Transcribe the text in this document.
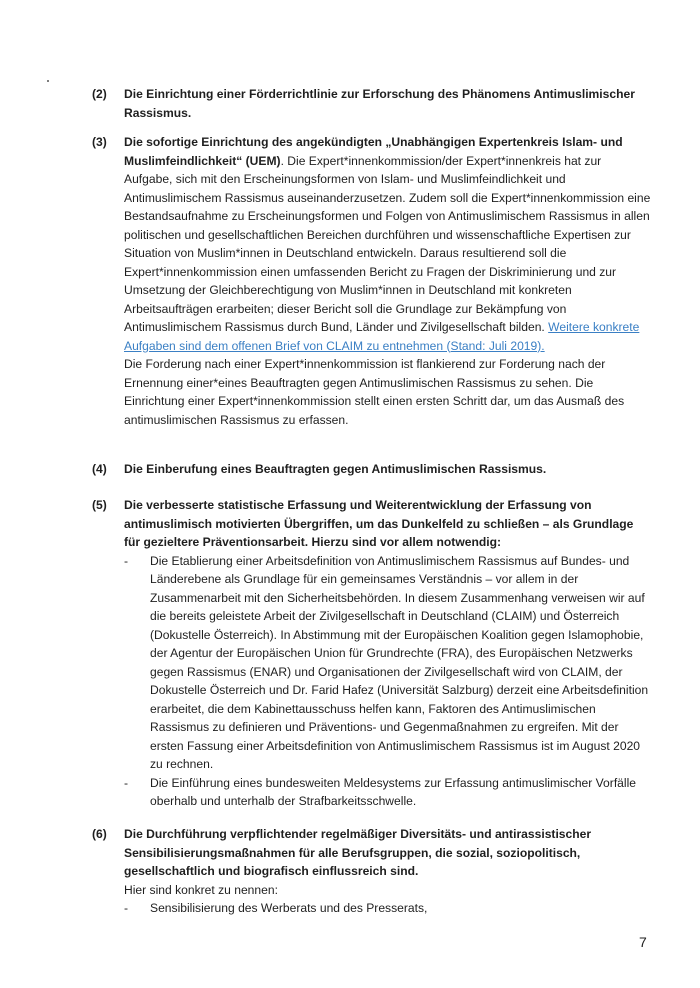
(2) Die Einrichtung einer Förderrichtlinie zur Erforschung des Phänomens Antimuslimischer Rassismus.
(3) Die sofortige Einrichtung des angekündigten „Unabhängigen Expertenkreis Islam- und Muslimfeindlichkeit“ (UEM). Die Expert*innenkommission/der Expert*innenkreis hat zur Aufgabe, sich mit den Erscheinungsformen von Islam- und Muslimfeindlichkeit und Antimuslimischem Rassismus auseinanderzusetzen. Zudem soll die Expert*innenkommission eine Bestandsaufnahme zu Erscheinungsformen und Folgen von Antimuslimischem Rassismus in allen politischen und gesellschaftlichen Bereichen durchführen und wissenschaftliche Expertisen zur Situation von Muslim*innen in Deutschland entwickeln. Daraus resultierend soll die Expert*innenkommission einen umfassenden Bericht zu Fragen der Diskriminierung und zur Umsetzung der Gleichberechtigung von Muslim*innen in Deutschland mit konkreten Arbeitsaufträgen erarbeiten; dieser Bericht soll die Grundlage zur Bekämpfung von Antimuslimischem Rassismus durch Bund, Länder und Zivilgesellschaft bilden. Weitere konkrete Aufgaben sind dem offenen Brief von CLAIM zu entnehmen (Stand: Juli 2019).
Die Forderung nach einer Expert*innenkommission ist flankierend zur Forderung nach der Ernennung einer*eines Beauftragten gegen Antimuslimischen Rassismus zu sehen. Die Einrichtung einer Expert*innenkommission stellt einen ersten Schritt dar, um das Ausmaß des antimuslimischen Rassismus zu erfassen.
(4) Die Einberufung eines Beauftragten gegen Antimuslimischen Rassismus.
(5) Die verbesserte statistische Erfassung und Weiterentwicklung der Erfassung von antimuslimisch motivierten Übergriffen, um das Dunkelfeld zu schließen – als Grundlage für gezieltere Präventionsarbeit. Hierzu sind vor allem notwendig:
- Die Etablierung einer Arbeitsdefinition von Antimuslimischem Rassismus auf Bundes- und Länderebene als Grundlage für ein gemeinsames Verständnis – vor allem in der Zusammenarbeit mit den Sicherheitsbehörden. In diesem Zusammenhang verweisen wir auf die bereits geleistete Arbeit der Zivilgesellschaft in Deutschland (CLAIM) und Österreich (Dokustelle Österreich). In Abstimmung mit der Europäischen Koalition gegen Islamophobie, der Agentur der Europäischen Union für Grundrechte (FRA), des Europäischen Netzwerks gegen Rassismus (ENAR) und Organisationen der Zivilgesellschaft wird von CLAIM, der Dokustelle Österreich und Dr. Farid Hafez (Universität Salzburg) derzeit eine Arbeitsdefinition erarbeitet, die dem Kabinettausschuss helfen kann, Faktoren des Antimuslimischen Rassismus zu definieren und Präventions- und Gegenmaßnahmen zu ergreifen. Mit der ersten Fassung einer Arbeitsdefinition von Antimuslimischem Rassismus ist im August 2020 zu rechnen.
- Die Einführung eines bundesweiten Meldesystems zur Erfassung antimuslimischer Vorfälle oberhalb und unterhalb der Strafbarkeitsschwelle.
(6) Die Durchführung verpflichtender regelmäßiger Diversitäts- und antirassistischer Sensibilisierungsmaßnahmen für alle Berufsgruppen, die sozial, soziopolitisch, gesellschaftlich und biografisch einflussreich sind.
Hier sind konkret zu nennen:
- Sensibilisierung des Werberats und des Presserats,
7
